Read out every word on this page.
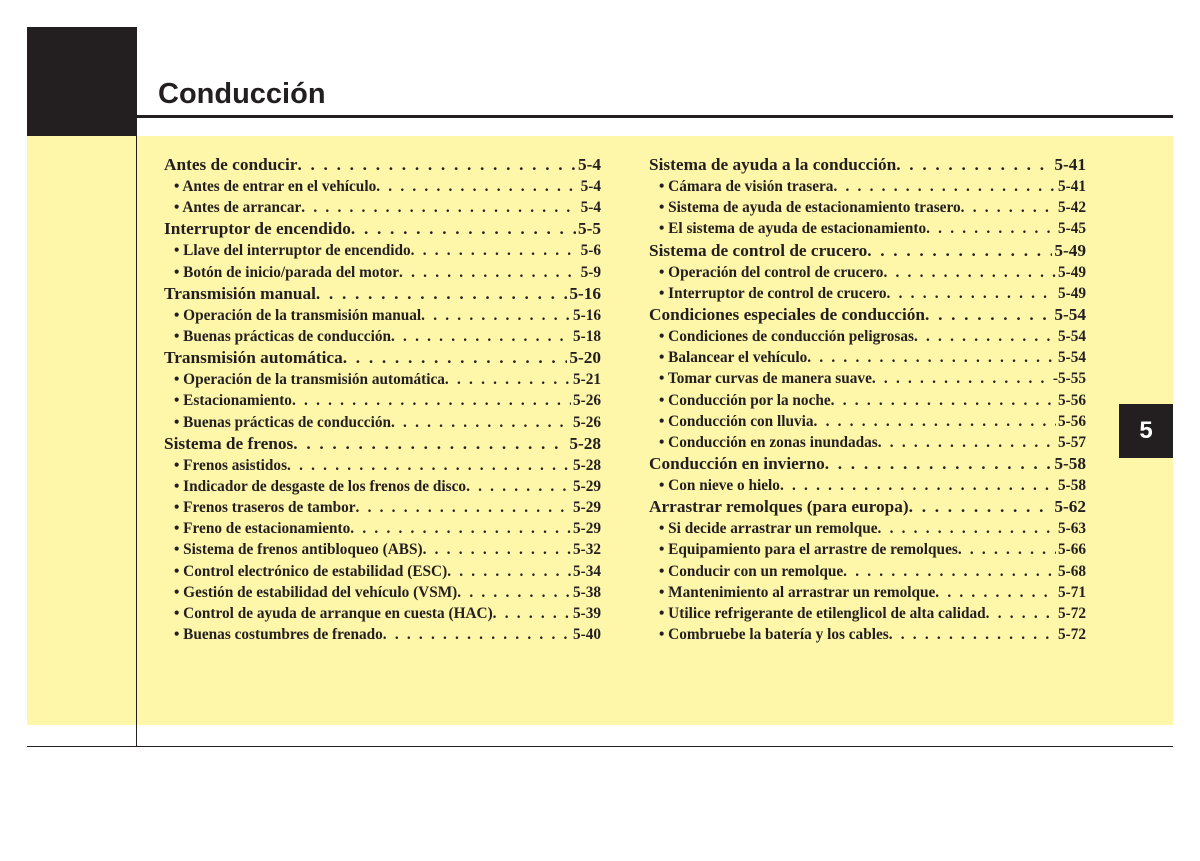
Conducción
5
Antes de conducir . . .	5-4
• Antes de entrar en el vehículo . . .	5-4
• Antes de arrancar . . .	5-4
Interruptor de encendido . . .	5-5
• Llave del interruptor de encendido . . .	5-6
• Botón de inicio/parada del motor . . .	5-9
Transmisión manual . . .	5-16
• Operación de la transmisión manual . . .	5-16
• Buenas prácticas de conducción . . .	5-18
Transmisión automática . . .	5-20
• Operación de la transmisión automática . . .	5-21
• Estacionamiento . . .	5-26
• Buenas prácticas de conducción . . .	5-26
Sistema de frenos . . .	5-28
• Frenos asistidos . . .	5-28
• Indicador de desgaste de los frenos de disco . . .	5-29
• Frenos traseros de tambor . . .	5-29
• Freno de estacionamiento . . .	5-29
• Sistema de frenos antibloqueo (ABS) . . .	5-32
• Control electrónico de estabilidad (ESC) . . .	5-34
• Gestión de estabilidad del vehículo (VSM) . . .	5-38
• Control de ayuda de arranque en cuesta (HAC) . . .	5-39
• Buenas costumbres de frenado . . .	5-40
Sistema de ayuda a la conducción . . .	5-41
• Cámara de visión trasera . . .	5-41
• Sistema de ayuda de estacionamiento trasero . . .	5-42
• El sistema de ayuda de estacionamiento . . .	5-45
Sistema de control de crucero . . .	5-49
• Operación del control de crucero . . .	5-49
• Interruptor de control de crucero . . .	5-49
Condiciones especiales de conducción . . .	5-54
• Condiciones de conducción peligrosas . . .	5-54
• Balancear el vehículo . . .	5-54
• Tomar curvas de manera suave . . .	-5-55
• Conducción por la noche . . .	5-56
• Conducción con lluvia . . .	5-56
• Conducción en zonas inundadas . . .	5-57
Conducción en invierno . . .	5-58
• Con nieve o hielo . . .	5-58
Arrastrar remolques (para europa) . . .	5-62
• Si decide arrastrar un remolque . . .	5-63
• Equipamiento para el arrastre de remolques . . .	5-66
• Conducir con un remolque . . .	5-68
• Mantenimiento al arrastrar un remolque . . .	5-71
• Utilice refrigerante de etilenglicol de alta calidad . . .	5-72
• Combruebe la batería y los cables . . .	5-72
